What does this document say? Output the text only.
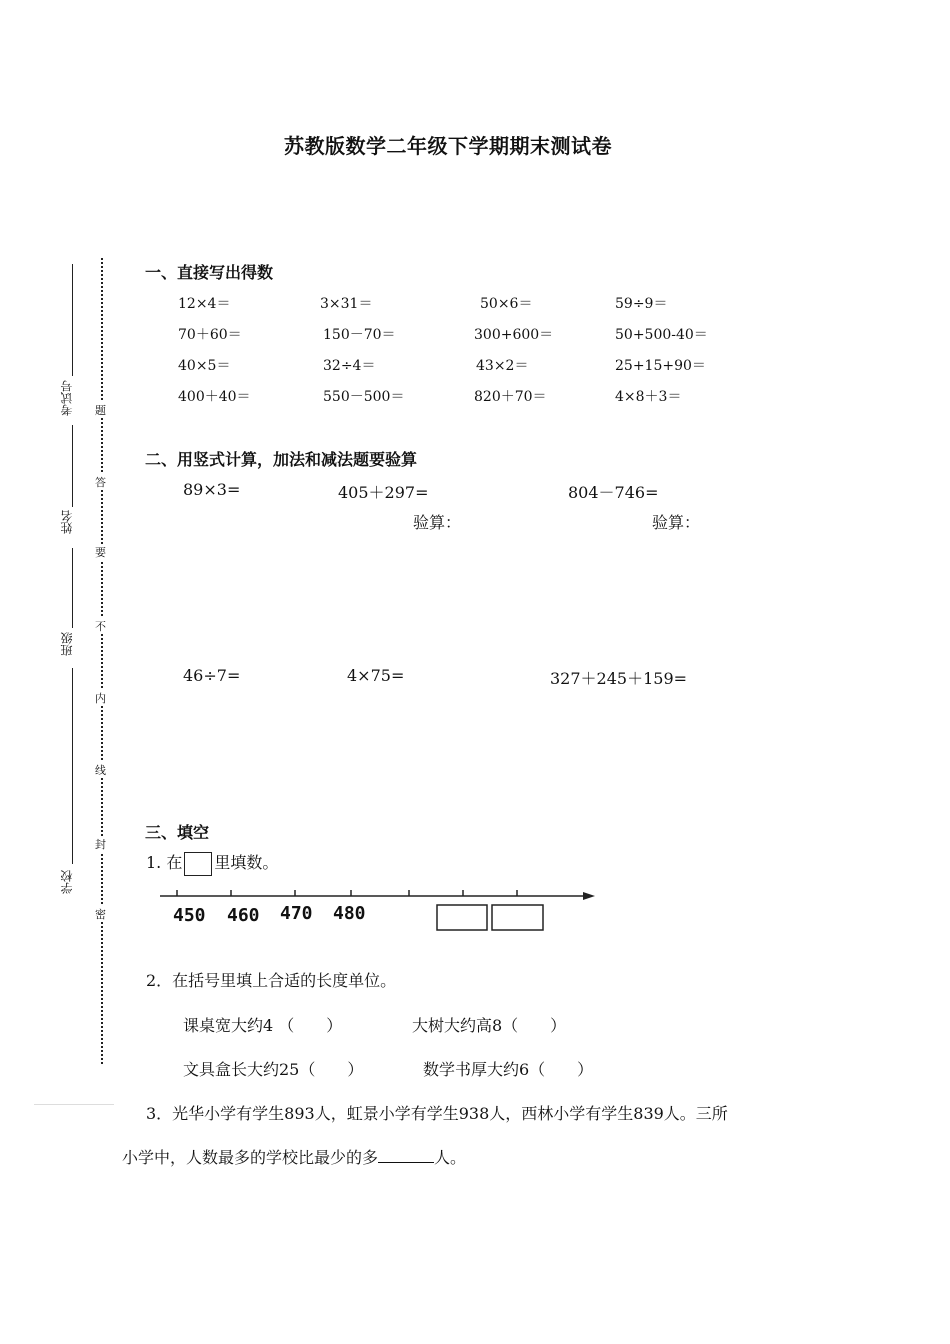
苏教版数学二年级下学期期末测试卷
考试号
姓名
班级
学校
密
封
线
内
不
要
答
题
一、直接写出得数
12×4＝	3×31＝	50×6＝	59÷9＝
70＋60＝	150－70＝	300+600＝	50+500-40＝
40×5＝	32÷4＝	43×2＝	25+15+90＝
400＋40＝	550－500＝	820＋70＝	4×8＋3＝
二、用竖式计算，加法和减法题要验算
89×3=	405＋297=	804－746=
验算：	验算：
46÷7=	4×75=	327＋245＋159=
三、填空
1. 在 里填数。
450 460 470 480
2．在括号里填上合适的长度单位。
课桌宽大约4 （　　）	大树大约高8（　　）
文具盒长大约25（　　）	数学书厚大约6（　　）
3．光华小学有学生893人，虹景小学有学生938人，西林小学有学生839人。三所
小学中，人数最多的学校比最少的多	人。
